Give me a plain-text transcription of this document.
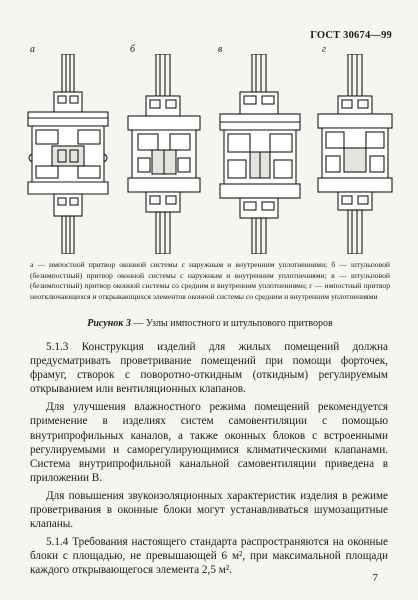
ГОСТ 30674—99
а	б	в	г

а — импостной притвор оконной системы с наружным и внутренним уплотнениями; б — штульповой (безимпостный) притвор оконной системы с наружным и внутренним уплотнениями; в — штульповой (безимпостный) притвор оконной системы со средним и внутренним уплотнениями; г — импостный притвор неотключающихся и открывающихся элементов оконной системы со средним и внутренним уплотнениями

Рисунок 3 — Узлы импостного и штульпового притворов

5.1.3 Конструкция изделий для жилых помещений должна предусматривать проветривание помещений при помощи форточек, фрамуг, створок с поворотно-откидным (откидным) регулируемым открыванием или вентиляционных клапанов.

Для улучшения влажностного режима помещений рекомендуется применение в изделиях систем самовентиляции с помощью внутрипрофильных каналов, а также оконных блоков с встроенными регулируемыми и саморегулирующимися климатическими клапанами. Система внутрипрофильной канальной самовентиляции приведена в приложении В.

Для повышения звукоизоляционных характеристик изделия в режиме проветривания в оконные блоки могут устанавливаться шумозащитные клапаны.

5.1.4 Требования настоящего стандарта распространяются на оконные блоки с площадью, не превышающей 6 м², при максимальной площади каждого открывающегося элемента 2,5 м².

7
